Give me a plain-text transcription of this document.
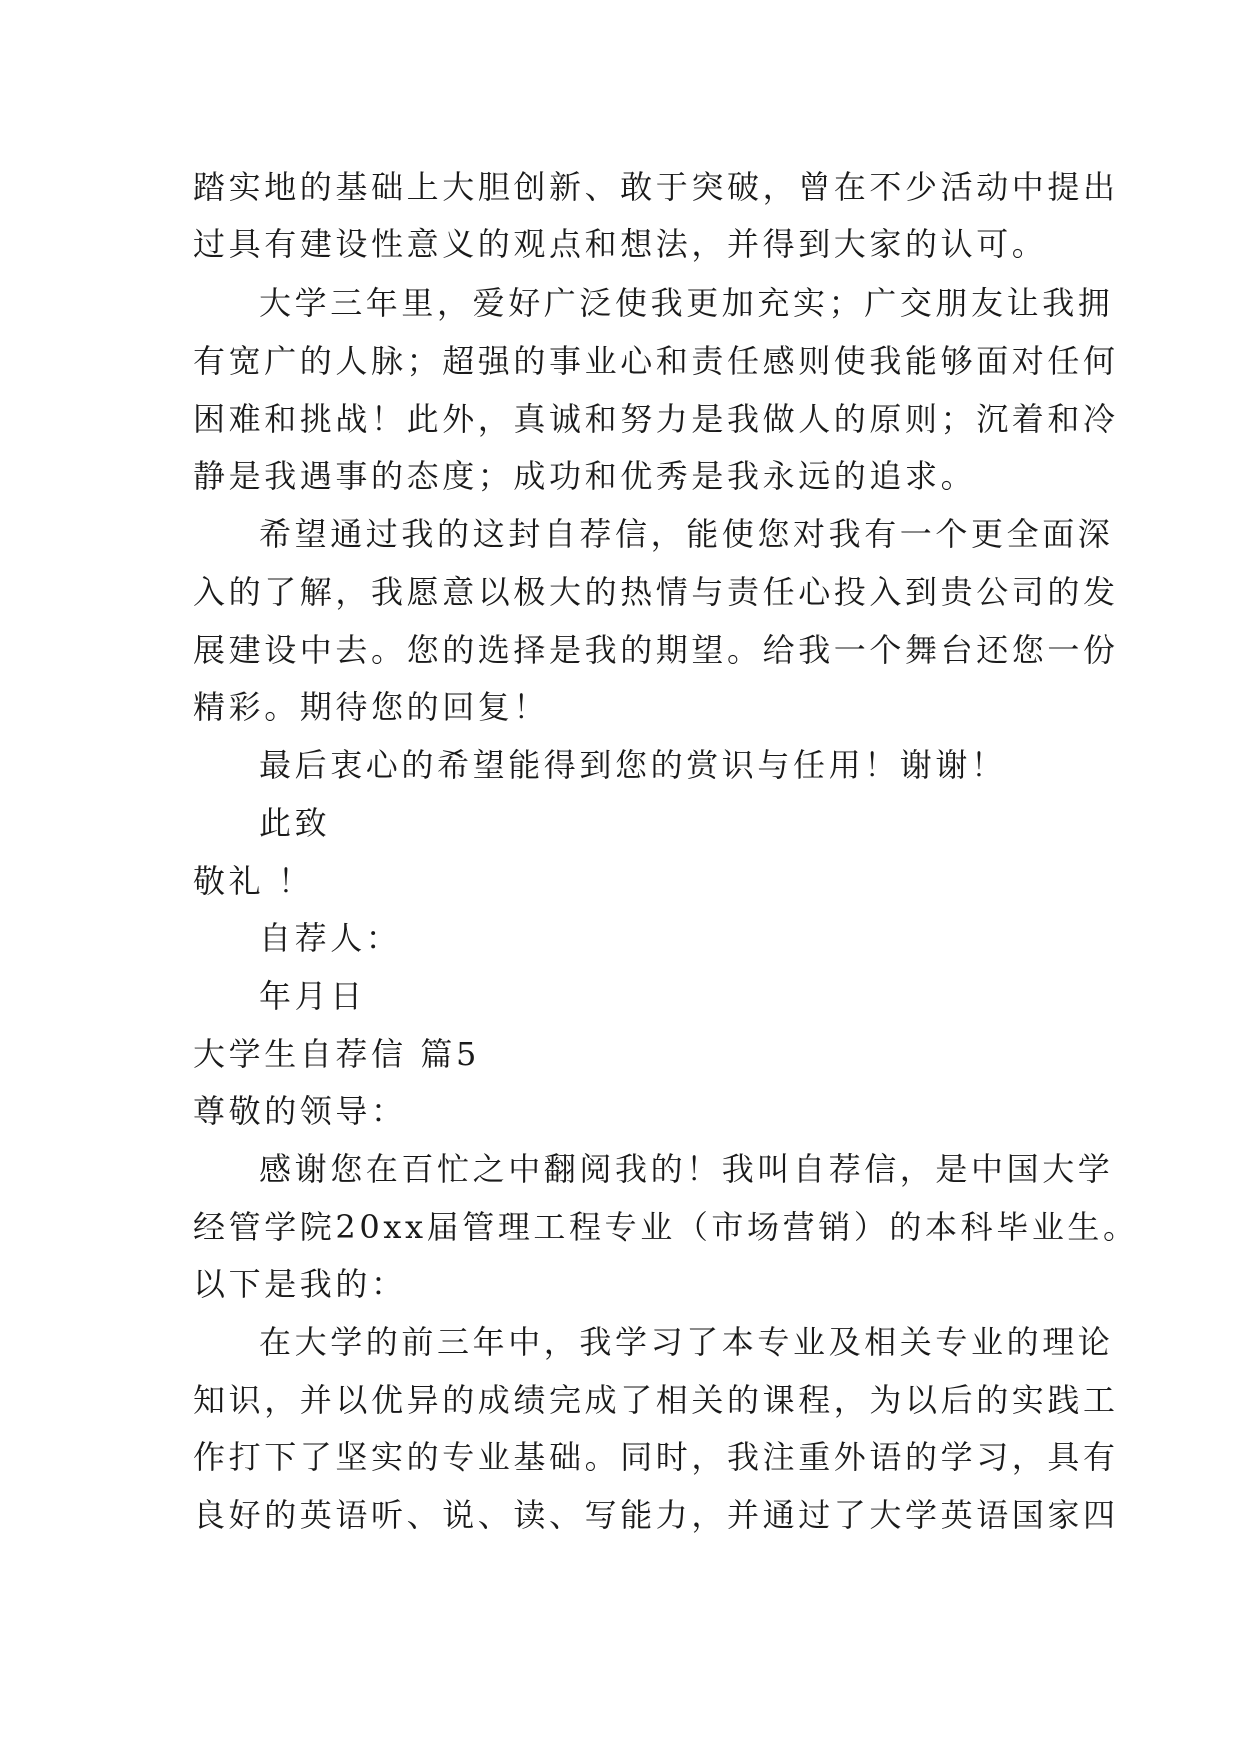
踏实地的基础上大胆创新、敢于突破，曾在不少活动中提出
过具有建设性意义的观点和想法，并得到大家的认可。
大学三年里，爱好广泛使我更加充实；广交朋友让我拥
有宽广的人脉；超强的事业心和责任感则使我能够面对任何
困难和挑战！此外，真诚和努力是我做人的原则；沉着和冷
静是我遇事的态度；成功和优秀是我永远的追求。
希望通过我的这封自荐信，能使您对我有一个更全面深
入的了解，我愿意以极大的热情与责任心投入到贵公司的发
展建设中去。您的选择是我的期望。给我一个舞台还您一份
精彩。期待您的回复！
最后衷心的希望能得到您的赏识与任用！谢谢！
此致
敬礼 ！
自荐人：
年月日
大学生自荐信 篇5
尊敬的领导：
感谢您在百忙之中翻阅我的！我叫自荐信，是中国大学
经管学院20xx届管理工程专业（市场营销）的本科毕业生。
以下是我的：
在大学的前三年中，我学习了本专业及相关专业的理论
知识，并以优异的成绩完成了相关的课程，为以后的实践工
作打下了坚实的专业基础。同时，我注重外语的学习，具有
良好的英语听、说、读、写能力，并通过了大学英语国家四
